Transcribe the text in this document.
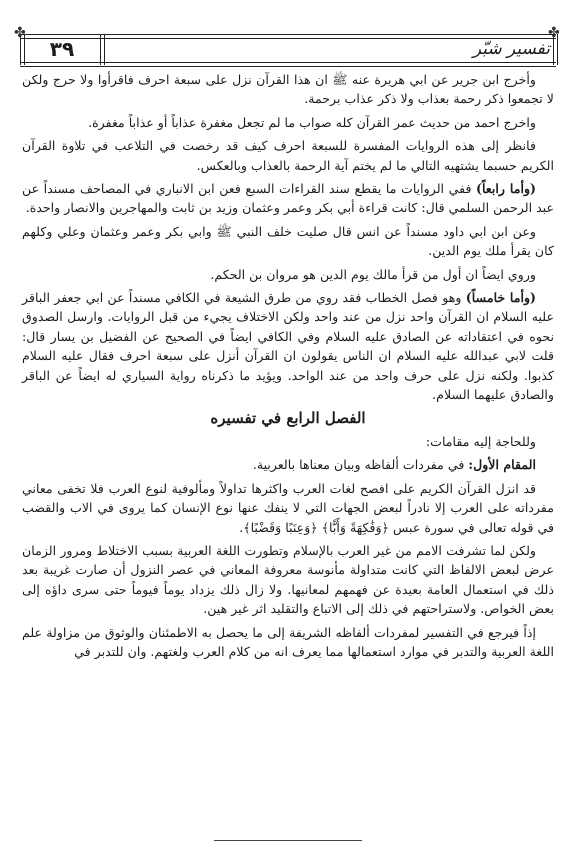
✤	✤
٣٩	تفسير شبّر

وأخرج ابن جرير عن ابي هريرة عنه ﷺ ان هذا القرآن نزل على سبعة احرف فاقرأوا ولا حرج ولكن لا تجمعوا ذكر رحمة بعذاب ولا ذكر عذاب برحمة.

واخرج احمد من حديث عمر القرآن كله صواب ما لم تجعل مغفرة عذاباً أو عذاباً مغفرة.

فانظر إلى هذه الروايات المفسرة للسبعة احرف كيف قد رخصت في التلاعب في تلاوة القرآن الكريم حسبما يشتهيه التالي ما لم يختم آية الرحمة بالعذاب وبالعكس.

(وأما رابعاً) ففي الروايات ما يقطع سند القراءات السبع فعن ابن الانباري في المصاحف مسنداً عن عبد الرحمن السلمي قال: كانت قراءة أبي بكر وعمر وعثمان وزيد بن ثابت والمهاجرين والانصار واحدة.

وعن ابن ابي داود مسنداً عن انس قال صليت خلف النبي ﷺ وابي بكر وعمر وعثمان وعلي وكلهم كان يقرأ ملك يوم الدين.

وروي ايضاً ان أول من قرأ مالك يوم الدين هو مروان بن الحكم.

(وأما خامساً) وهو فصل الخطاب فقد روي من طرق الشيعة في الكافي مسنداً عن ابي جعفر الباقر عليه السلام ان القرآن واحد نزل من عند واحد ولكن الاختلاف يجيء من قبل الروايات. وارسل الصدوق نحوه في اعتقاداته عن الصادق عليه السلام وفي الكافي ايضاً في الصحيح عن الفضيل بن يسار قال: قلت لابي عبدالله عليه السلام ان الناس يقولون ان القرآن أنزل على سبعة احرف فقال عليه السلام كذبوا. ولكنه نزل على حرف واحد من عند الواحد. ويؤيد ما ذكرناه رواية السياري له ايضاً عن الباقر والصادق عليهما السلام.

الفصل الرابع في تفسيره

وللحاجة إليه مقامات:

المقام الأول: في مفردات ألفاظه وبيان معناها بالعربية.

قد انزل القرآن الكريم على افصح لغات العرب واكثرها تداولاً ومألوفية لنوع العرب فلا تخفى معاني مفرداته على العرب إلا نادراً لبعض الجهات التي لا ينفك عنها نوع الإنسان كما يروى في الاب والقضب في قوله تعالى في سورة عبس ﴿وَفَٰكِهَةً وَأَبًّا﴾ ﴿وَعِنَبًا وَقَضْبًا﴾.

ولكن لما تشرفت الامم من غير العرب بالإسلام وتطورت اللغة العربية بسبب الاختلاط ومرور الزمان عرض لبعض الالفاظ التي كانت متداولة مأنوسة معروفة المعاني في عصر النزول أن صارت غريبة بعد ذلك في استعمال العامة بعيدة عن فهمهم لمعانيها. ولا زال ذلك يزداد يوماً فيوماً حتى سرى داؤه إلى بعض الخواص. ولاستراحتهم في ذلك إلى الاتباع والتقليد اثر غير هين.

إذاً فيرجع في التفسير لمفردات ألفاظه الشريفة إلى ما يحصل به الاطمئنان والوثوق من مزاولة علم اللغة العربية والتدبر في موارد استعمالها مما يعرف انه من كلام العرب ولغتهم. وان للتدبر في
